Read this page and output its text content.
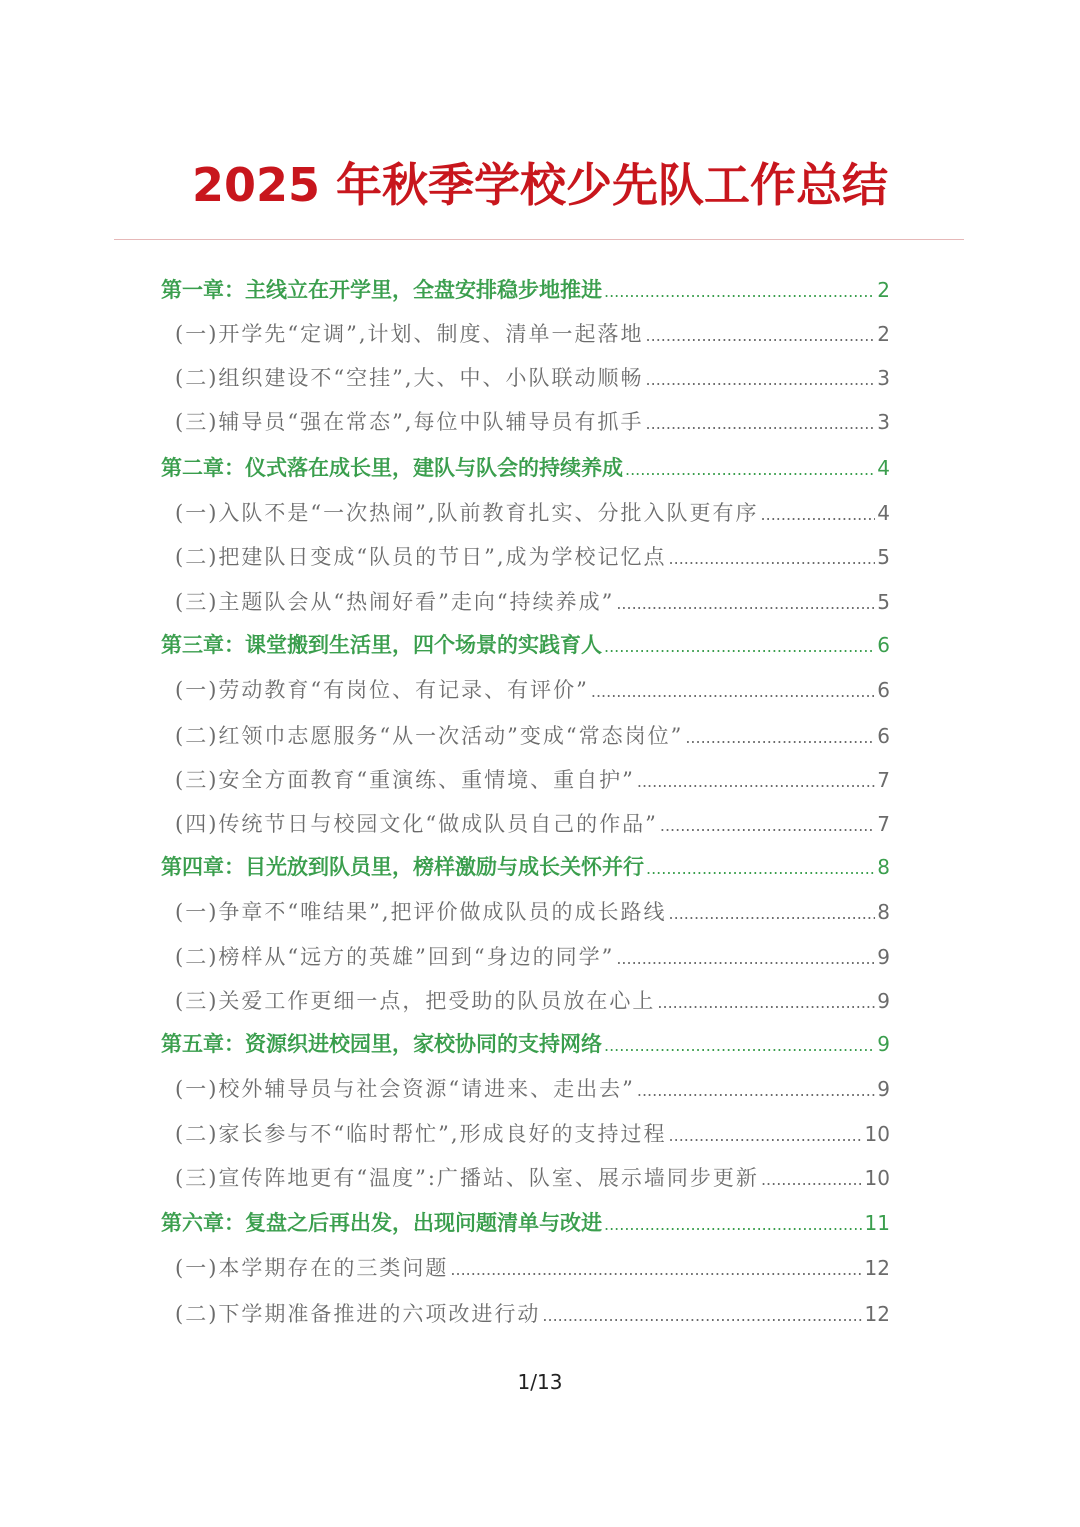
2025 年秋季学校少先队工作总结
第一章：主线立在开学里，全盘安排稳步地推进 .....	2
(一)开学先“定调”,计划、制度、清单一起落地 .....	2
(二)组织建设不“空挂”,大、中、小队联动顺畅 .....	3
(三)辅导员“强在常态”,每位中队辅导员有抓手 .....	3
第二章：仪式落在成长里，建队与队会的持续养成 .....	4
(一)入队不是“一次热闹”,队前教育扎实、分批入队更有序 .....	4
(二)把建队日变成“队员的节日”,成为学校记忆点 .....	5
(三)主题队会从“热闹好看”走向“持续养成” .....	5
第三章：课堂搬到生活里，四个场景的实践育人 .....	6
(一)劳动教育“有岗位、有记录、有评价” .....	6
(二)红领巾志愿服务“从一次活动”变成“常态岗位” .....	6
(三)安全方面教育“重演练、重情境、重自护” .....	7
(四)传统节日与校园文化“做成队员自己的作品” .....	7
第四章：目光放到队员里，榜样激励与成长关怀并行 .....	8
(一)争章不“唯结果”,把评价做成队员的成长路线 .....	8
(二)榜样从“远方的英雄”回到“身边的同学” .....	9
(三)关爱工作更细一点，把受助的队员放在心上 .....	9
第五章：资源织进校园里，家校协同的支持网络 .....	9
(一)校外辅导员与社会资源“请进来、走出去” .....	9
(二)家长参与不“临时帮忙”,形成良好的支持过程 .....	10
(三)宣传阵地更有“温度”:广播站、队室、展示墙同步更新 .....	10
第六章：复盘之后再出发，出现问题清单与改进 .....	11
(一)本学期存在的三类问题 .....	12
(二)下学期准备推进的六项改进行动 .....	12
1/13
